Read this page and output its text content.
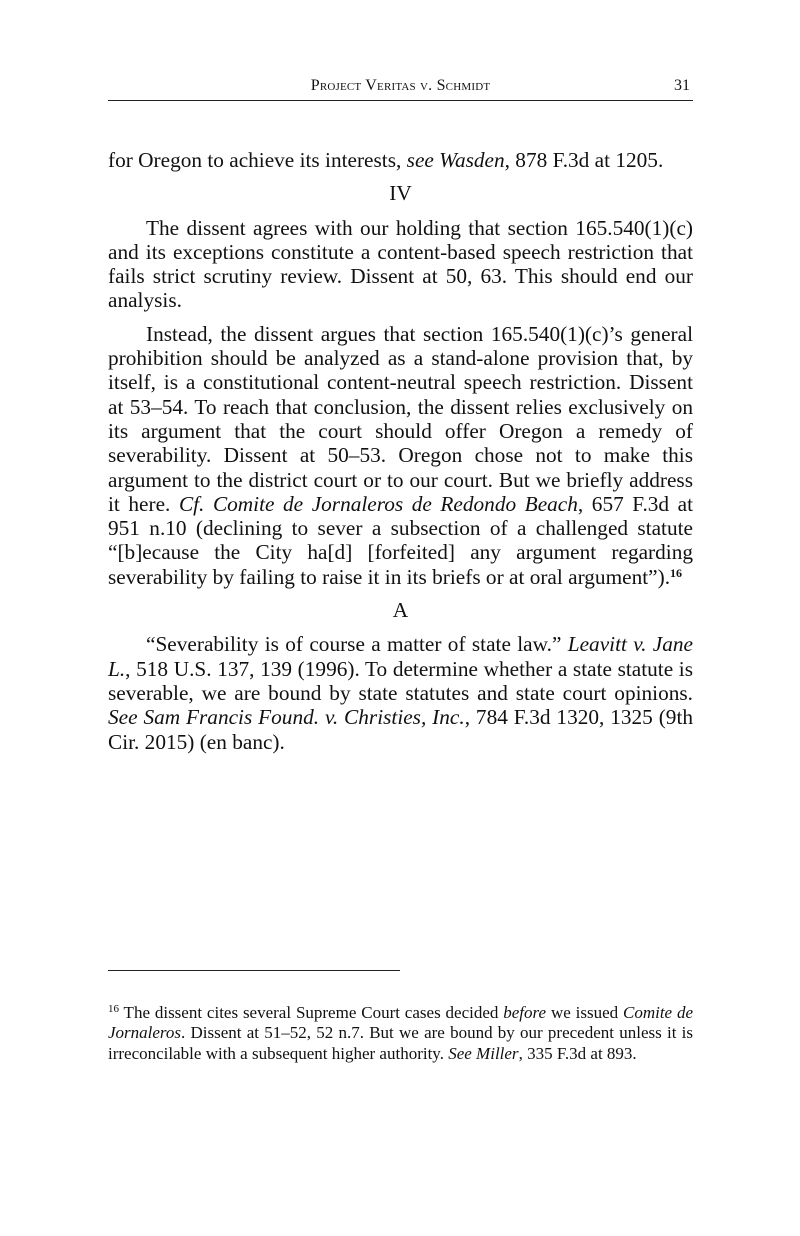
Project Veritas v. Schmidt	31

for Oregon to achieve its interests, see Wasden, 878 F.3d at 1205.

IV

The dissent agrees with our holding that section 165.540(1)(c) and its exceptions constitute a content-based speech restriction that fails strict scrutiny review. Dissent at 50, 63. This should end our analysis.

Instead, the dissent argues that section 165.540(1)(c)’s general prohibition should be analyzed as a stand-alone provision that, by itself, is a constitutional content-neutral speech restriction. Dissent at 53–54. To reach that conclusion, the dissent relies exclusively on its argument that the court should offer Oregon a remedy of severability. Dissent at 50–53. Oregon chose not to make this argument to the district court or to our court. But we briefly address it here. Cf. Comite de Jornaleros de Redondo Beach, 657 F.3d at 951 n.10 (declining to sever a subsection of a challenged statute “[b]ecause the City ha[d] [forfeited] any argument regarding severability by failing to raise it in its briefs or at oral argument”).$^{16}$

A

“Severability is of course a matter of state law.” Leavitt v. Jane L., 518 U.S. 137, 139 (1996). To determine whether a state statute is severable, we are bound by state statutes and state court opinions. See Sam Francis Found. v. Christies, Inc., 784 F.3d 1320, 1325 (9th Cir. 2015) (en banc).

$^{16}$ The dissent cites several Supreme Court cases decided before we issued Comite de Jornaleros. Dissent at 51–52, 52 n.7. But we are bound by our precedent unless it is irreconcilable with a subsequent higher authority. See Miller, 335 F.3d at 893.
